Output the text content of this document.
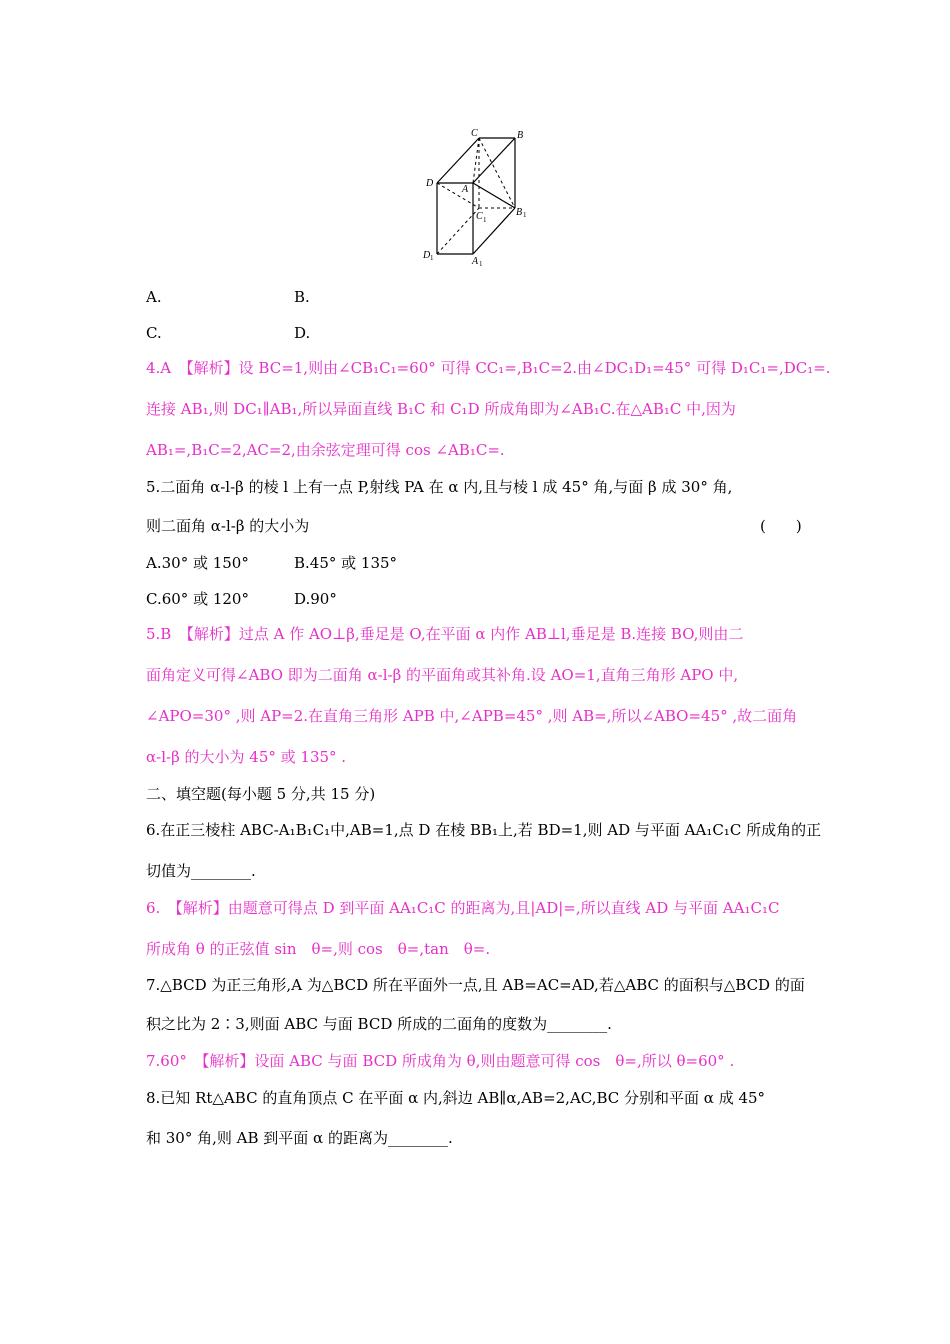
C	B
D
A
C 1
B 1
D 1	A 1
A.	B.
C.	D.
4.A　【解析】设 BC=1,则由∠CB₁C₁=60° 可得 CC₁=,B₁C=2.由∠DC₁D₁=45° 可得 D₁C₁=,DC₁=.
连接 AB₁,则 DC₁∥AB₁,所以异面直线 B₁C 和 C₁D 所成角即为∠AB₁C.在△AB₁C 中,因为
AB₁=,B₁C=2,AC=2,由余弦定理可得 cos ∠AB₁C=.
5.二面角 α-l-β 的棱 l 上有一点 P,射线 PA 在 α 内,且与棱 l 成 45° 角,与面 β 成 30° 角,
则二面角 α-l-β 的大小为	(　　)
A.30° 或 150°	B.45° 或 135°
C.60° 或 120°	D.90°
5.B　【解析】过点 A 作 AO⊥β,垂足是 O,在平面 α 内作 AB⊥l,垂足是 B.连接 BO,则由二
面角定义可得∠ABO 即为二面角 α-l-β 的平面角或其补角.设 AO=1,直角三角形 APO 中,
∠APO=30° ,则 AP=2.在直角三角形 APB 中,∠APB=45° ,则 AB=,所以∠ABO=45° ,故二面角
α-l-β 的大小为 45° 或 135° .
二、填空题(每小题 5 分,共 15 分)
6.在正三棱柱 ABC-A₁B₁C₁中,AB=1,点 D 在棱 BB₁上,若 BD=1,则 AD 与平面 AA₁C₁C 所成角的正
切值为________.
6.　【解析】由题意可得点 D 到平面 AA₁C₁C 的距离为,且|AD|=,所以直线 AD 与平面 AA₁C₁C
所成角 θ 的正弦值 sin　θ=,则 cos　θ=,tan　θ=.
7.△BCD 为正三角形,A 为△BCD 所在平面外一点,且 AB=AC=AD,若△ABC 的面积与△BCD 的面
积之比为 2∶3,则面 ABC 与面 BCD 所成的二面角的度数为________.
7.60°　【解析】设面 ABC 与面 BCD 所成角为 θ,则由题意可得 cos　θ=,所以 θ=60° .
8.已知 Rt△ABC 的直角顶点 C 在平面 α 内,斜边 AB∥α,AB=2,AC,BC 分别和平面 α 成 45°
和 30° 角,则 AB 到平面 α 的距离为________.
